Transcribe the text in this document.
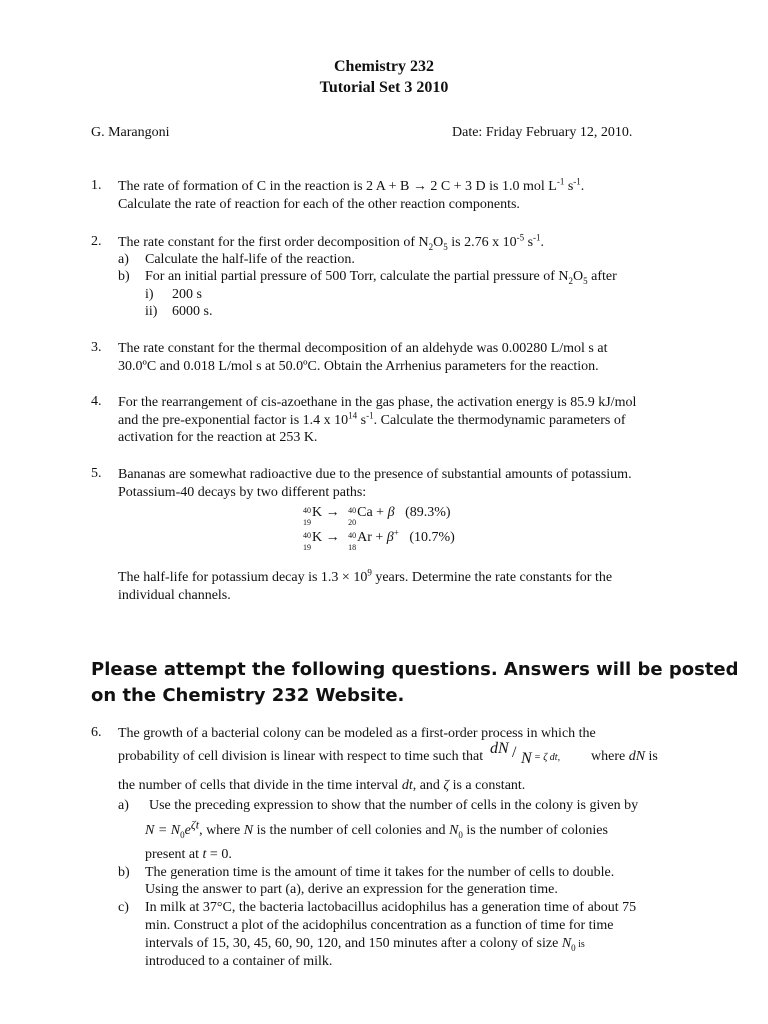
Chemistry 232
Tutorial Set 3 2010
G. Marangoni	Date: Friday February 12, 2010.
1. The rate of formation of C in the reaction is 2 A + B → 2 C + 3 D is 1.0 mol $L^{-1}$ $s^{-1}$.
Calculate the rate of reaction for each of the other reaction components.
2. The rate constant for the first order decomposition of $N_2O_5$ is 2.76 x $10^{-5}$ $s^{-1}$.
a) Calculate the half-life of the reaction.
b) For an initial partial pressure of 500 Torr, calculate the partial pressure of $N_2O_5$ after
i) 200 s
ii) 6000 s.
3. The rate constant for the thermal decomposition of an aldehyde was 0.00280 L/mol s at
30.0ºC and 0.018 L/mol s at 50.0ºC. Obtain the Arrhenius parameters for the reaction.
4. For the rearrangement of cis-azoethane in the gas phase, the activation energy is 85.9 kJ/mol
and the pre-exponential factor is 1.4 x $10^{14}$ $s^{-1}$. Calculate the thermodynamic parameters of
activation for the reaction at 253 K.
5. Bananas are somewhat radioactive due to the presence of substantial amounts of potassium.
Potassium-40 decays by two different paths:
40
19
K → 40
20
Ca + β (89.3%)
40
19
K → 40
18
Ar + β+ (10.7%)
The half-life for potassium decay is $1.3 \times 10^9$ years. Determine the rate constants for the
individual channels.
Please attempt the following questions. Answers will be posted
on the Chemistry 232 Website.
6. The growth of a bacterial colony can be modeled as a first-order process in which the
probability of cell division is linear with respect to time such that dN / N = ζ dt, where dN is
the number of cells that divide in the time interval dt, and ζ is a constant.
a) Use the preceding expression to show that the number of cells in the colony is given by
$N = N_0e^{\zeta t}$, where N is the number of cell colonies and $N_0$ is the number of colonies
present at t = 0.
b) The generation time is the amount of time it takes for the number of cells to double.
Using the answer to part (a), derive an expression for the generation time.
c) In milk at 37°C, the bacteria lactobacillus acidophilus has a generation time of about 75
min. Construct a plot of the acidophilus concentration as a function of time for time
intervals of 15, 30, 45, 60, 90, 120, and 150 minutes after a colony of size $N_0$ is
introduced to a container of milk.
